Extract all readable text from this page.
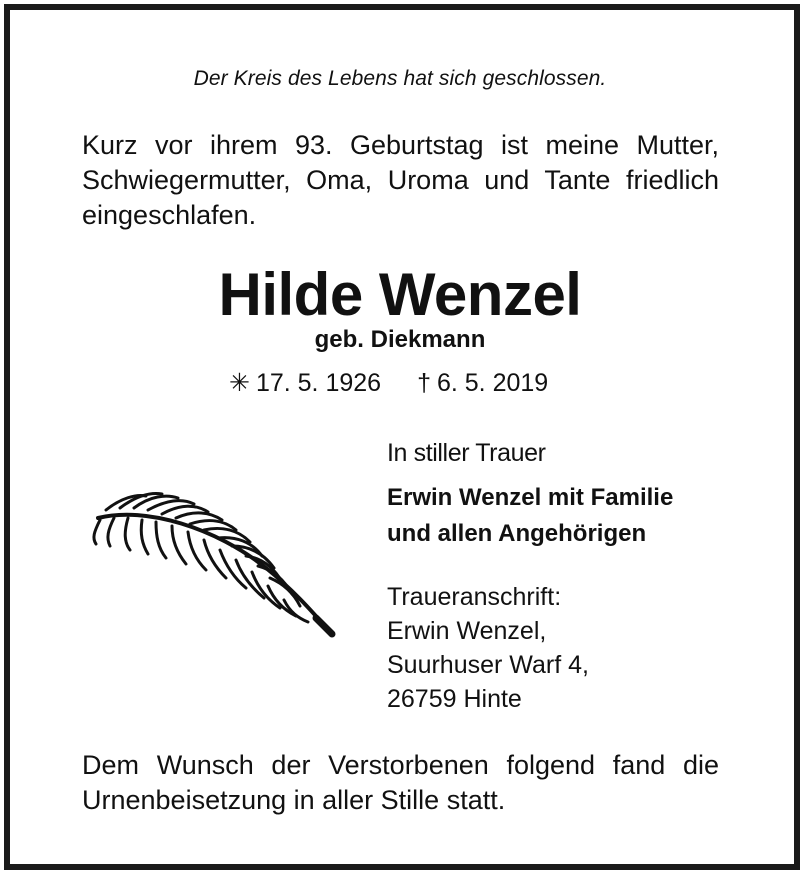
Der Kreis des Lebens hat sich geschlossen.
Kurz vor ihrem 93. Geburtstag ist meine Mutter, Schwiegermutter, Oma, Uroma und Tante friedlich eingeschlafen.
Hilde Wenzel
geb. Diekmann
✳ 17. 5. 1926 † 6. 5. 2019
In stiller Trauer
Erwin Wenzel mit Familie
und allen Angehörigen
Traueranschrift:
Erwin Wenzel,
Suurhuser Warf 4,
26759 Hinte
Dem Wunsch der Verstorbenen folgend fand die Urnenbeisetzung in aller Stille statt.
